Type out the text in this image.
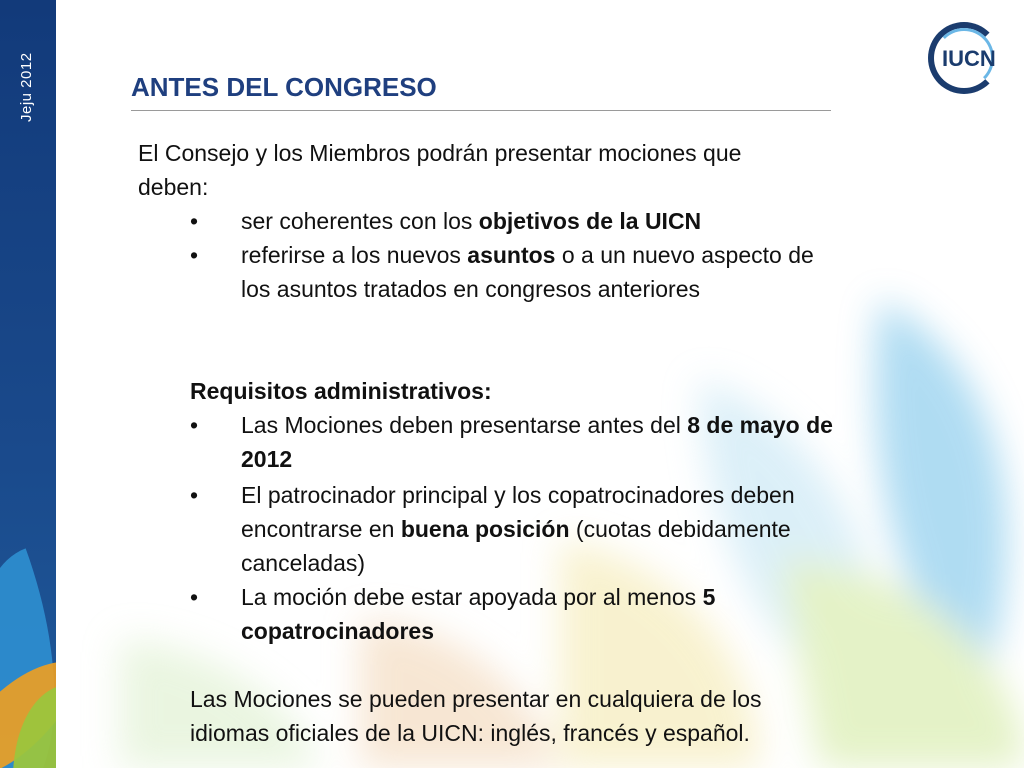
Jeju 2012	IUCN
ANTES DEL CONGRESO
El Consejo y los Miembros podrán presentar mociones que
deben:
•	ser coherentes con los objetivos de la UICN
•	referirse a los nuevos asuntos o a un nuevo aspecto de los asuntos tratados en congresos anteriores
Requisitos administrativos:
•	Las Mociones deben presentarse antes del 8 de mayo de 2012
•	El patrocinador principal y los copatrocinadores deben encontrarse en buena posición (cuotas debidamente canceladas)
•	La moción debe estar apoyada por al menos 5 copatrocinadores
Las Mociones se pueden presentar en cualquiera de los
idiomas oficiales de la UICN: inglés, francés y español.
